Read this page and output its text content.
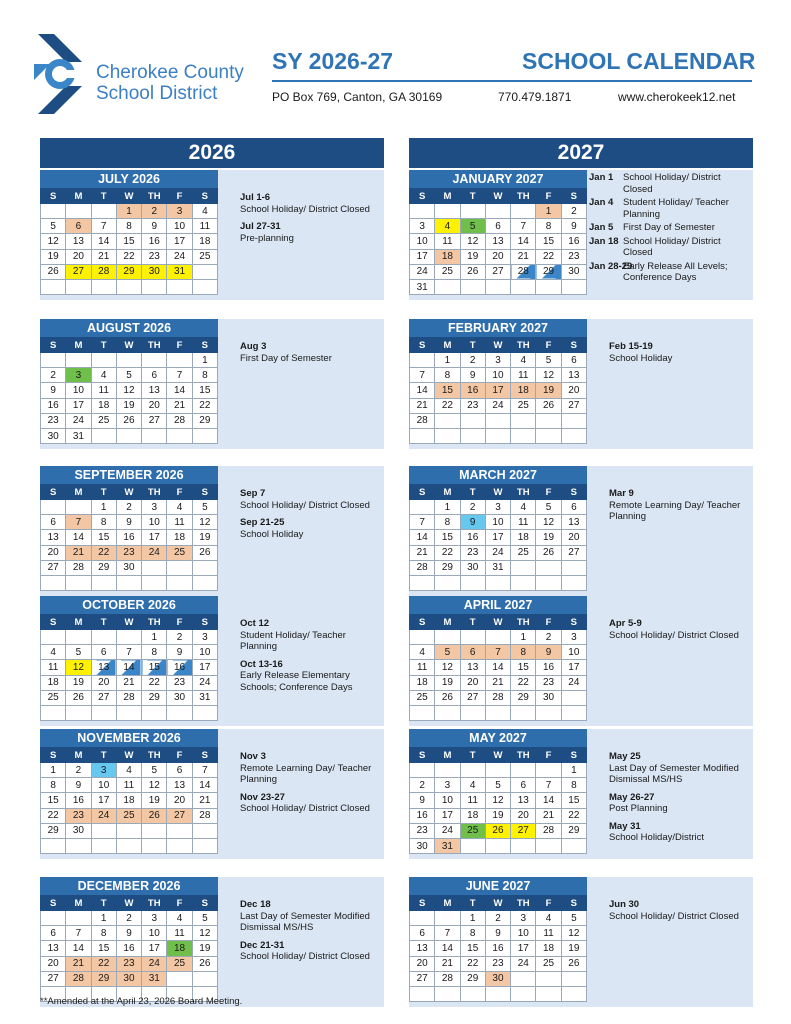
Cherokee County
School District
SY 2026-27	SCHOOL CALENDAR
PO Box 769, Canton, GA 30169	770.479.1871	www.cherokeek12.net
2026	2027
JULY 2026
S	M	T	W	TH	F	S
			1	2	3	4
5	6	7	8	9	10	11
12	13	14	15	16	17	18
19	20	21	22	23	24	25
26	27	28	29	30	31	

Jul 1-6
School Holiday/ District Closed
Jul 27-31
Pre-planning
AUGUST 2026
S	M	T	W	TH	F	S
						1
2	3	4	5	6	7	8
9	10	11	12	13	14	15
16	17	18	19	20	21	22
23	24	25	26	27	28	29
30	31					
Aug 3
First Day of Semester
SEPTEMBER 2026
S	M	T	W	TH	F	S
		1	2	3	4	5
6	7	8	9	10	11	12
13	14	15	16	17	18	19
20	21	22	23	24	25	26
27	28	29	30			

Sep 7
School Holiday/ District Closed
Sep 21-25
School Holiday
OCTOBER 2026
S	M	T	W	TH	F	S
				1	2	3
4	5	6	7	8	9	10
11	12	13	14	15	16	17
18	19	20	21	22	23	24
25	26	27	28	29	30	31

Oct 12
Student Holiday/ Teacher Planning
Oct 13-16
Early Release Elementary Schools; Conference Days
NOVEMBER 2026
S	M	T	W	TH	F	S
1	2	3	4	5	6	7
8	9	10	11	12	13	14
15	16	17	18	19	20	21
22	23	24	25	26	27	28
29	30					

Nov 3
Remote Learning Day/ Teacher Planning
Nov 23-27
School Holiday/ District Closed
DECEMBER 2026
S	M	T	W	TH	F	S
		1	2	3	4	5
6	7	8	9	10	11	12
13	14	15	16	17	18	19
20	21	22	23	24	25	26
27	28	29	30	31		

Dec 18
Last Day of Semester Modified Dismissal MS/HS
Dec 21-31
School Holiday/ District Closed
JANUARY 2027
S	M	T	W	TH	F	S
					1	2
3	4	5	6	7	8	9
10	11	12	13	14	15	16
17	18	19	20	21	22	23
24	25	26	27	28	29	30
31						
Jan 1	School Holiday/ District Closed
Jan 4	Student Holiday/ Teacher Planning
Jan 5	First Day of Semester
Jan 18 School Holiday/ District Closed
Jan 28-29
Early Release All Levels; Conference Days
FEBRUARY 2027
S	M	T	W	TH	F	S
	1	2	3	4	5	6
7	8	9	10	11	12	13
14	15	16	17	18	19	20
21	22	23	24	25	26	27
28						

Feb 15-19
School Holiday
MARCH 2027
S	M	T	W	TH	F	S
	1	2	3	4	5	6
7	8	9	10	11	12	13
14	15	16	17	18	19	20
21	22	23	24	25	26	27
28	29	30	31			

Mar 9
Remote Learning Day/ Teacher Planning
APRIL 2027
S	M	T	W	TH	F	S
				1	2	3
4	5	6	7	8	9	10
11	12	13	14	15	16	17
18	19	20	21	22	23	24
25	26	27	28	29	30	

Apr 5-9
School Holiday/ District Closed
MAY 2027
S	M	T	W	TH	F	S
						1
2	3	4	5	6	7	8
9	10	11	12	13	14	15
16	17	18	19	20	21	22
23	24	25	26	27	28	29
30	31					
May 25
Last Day of Semester Modified Dismissal MS/HS
May 26-27
Post Planning
May 31
School Holiday/District
JUNE 2027
S	M	T	W	TH	F	S
		1	2	3	4	5
6	7	8	9	10	11	12
13	14	15	16	17	18	19
20	21	22	23	24	25	26
27	28	29	30			

Jun 30
School Holiday/ District Closed
**Amended at the April 23, 2026 Board Meeting.
